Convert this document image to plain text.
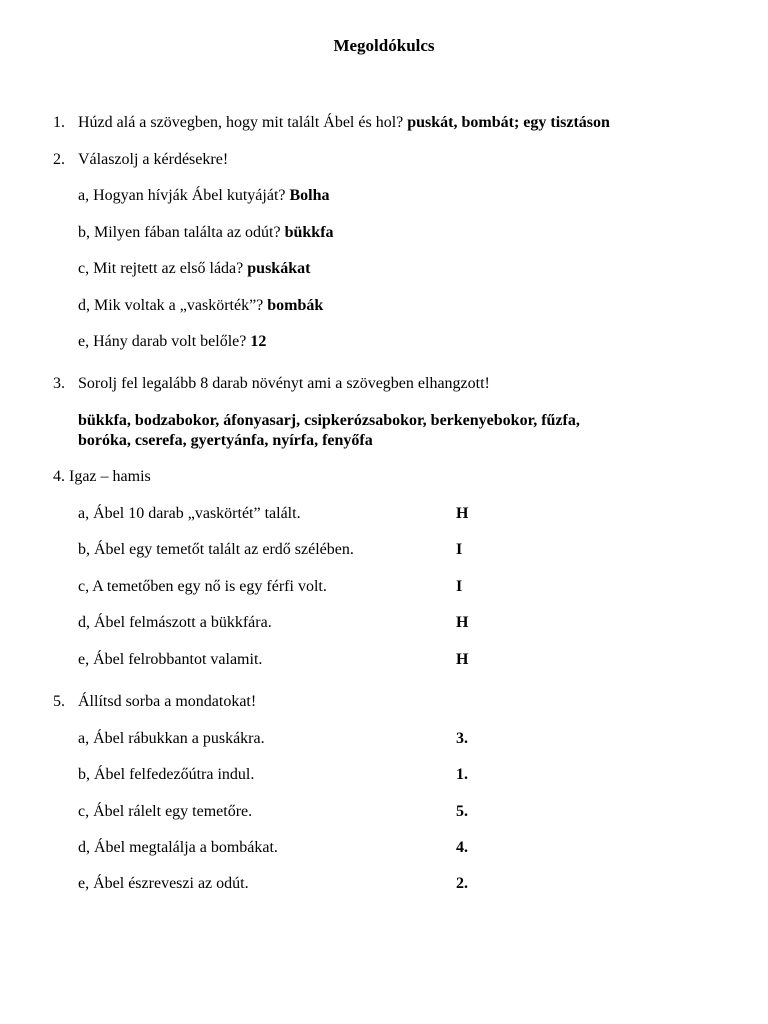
Megoldókulcs
1. Húzd alá a szövegben, hogy mit talált Ábel és hol? puskát, bombát; egy tisztáson
2. Válaszolj a kérdésekre!
a, Hogyan hívják Ábel kutyáját? Bolha
b, Milyen fában találta az odút? bükkfa
c, Mit rejtett az első láda? puskákat
d, Mik voltak a „vaskörték”? bombák
e, Hány darab volt belőle? 12
3. Sorolj fel legalább 8 darab növényt ami a szövegben elhangzott!
bükkfa, bodzabokor, áfonyasarj, csipkerózsabokor, berkenyebokor, fűzfa,
boróka, cserefa, gyertyánfa, nyírfa, fenyőfa
4. Igaz – hamis
a, Ábel 10 darab „vaskörtét” talált.	H
b, Ábel egy temetőt talált az erdő szélében.	I
c, A temetőben egy nő is egy férfi volt.	I
d, Ábel felmászott a bükkfára.	H
e, Ábel felrobbantot valamit.	H
5. Állítsd sorba a mondatokat!
a, Ábel rábukkan a puskákra.	3.
b, Ábel felfedezőútra indul.	1.
c, Ábel rálelt egy temetőre.	5.
d, Ábel megtalálja a bombákat.	4.
e, Ábel észreveszi az odút.	2.
